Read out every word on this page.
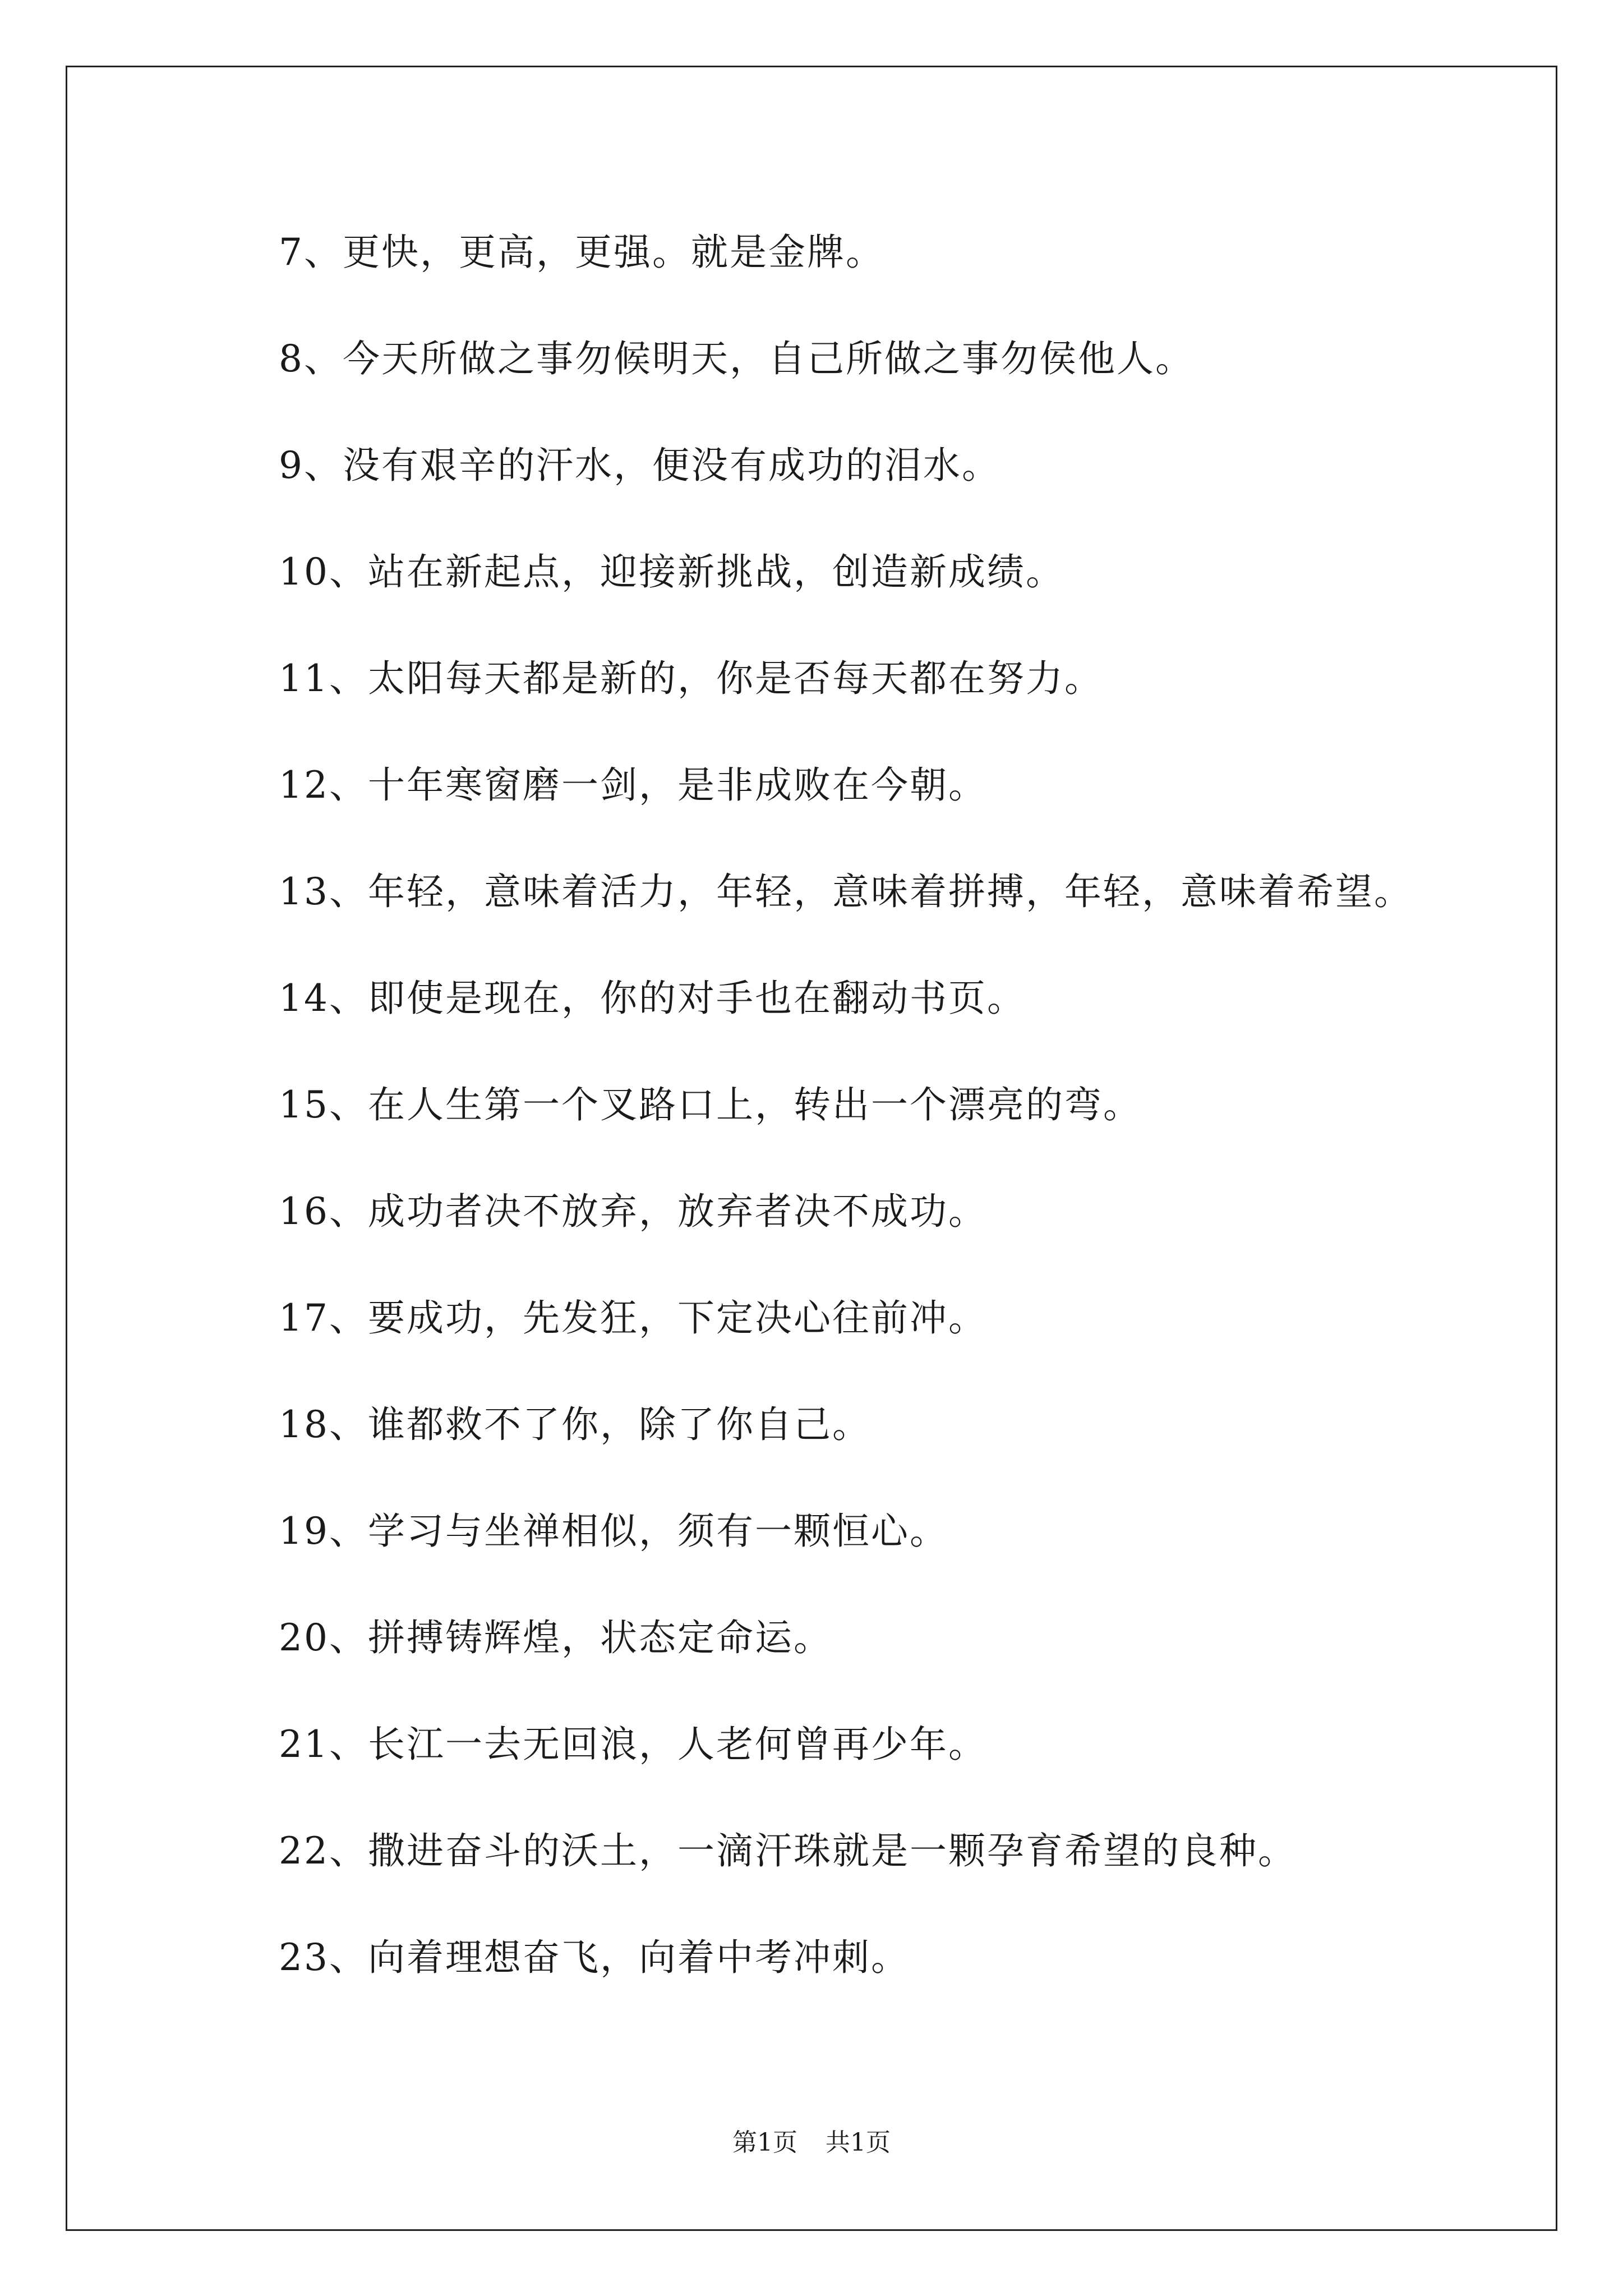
7、更快，更高，更强。就是金牌。
8、今天所做之事勿候明天，自己所做之事勿侯他人。
9、没有艰辛的汗水，便没有成功的泪水。
10、站在新起点，迎接新挑战，创造新成绩。
11、太阳每天都是新的，你是否每天都在努力。
12、十年寒窗磨一剑，是非成败在今朝。
13、年轻，意味着活力，年轻，意味着拼搏，年轻，意味着希望。
14、即使是现在，你的对手也在翻动书页。
15、在人生第一个叉路口上，转出一个漂亮的弯。
16、成功者决不放弃，放弃者决不成功。
17、要成功，先发狂，下定决心往前冲。
18、谁都救不了你，除了你自己。
19、学习与坐禅相似，须有一颗恒心。
20、拼搏铸辉煌，状态定命运。
21、长江一去无回浪，人老何曾再少年。
22、撒进奋斗的沃土，一滴汗珠就是一颗孕育希望的良种。
23、向着理想奋飞，向着中考冲刺。
第1页 共1页
